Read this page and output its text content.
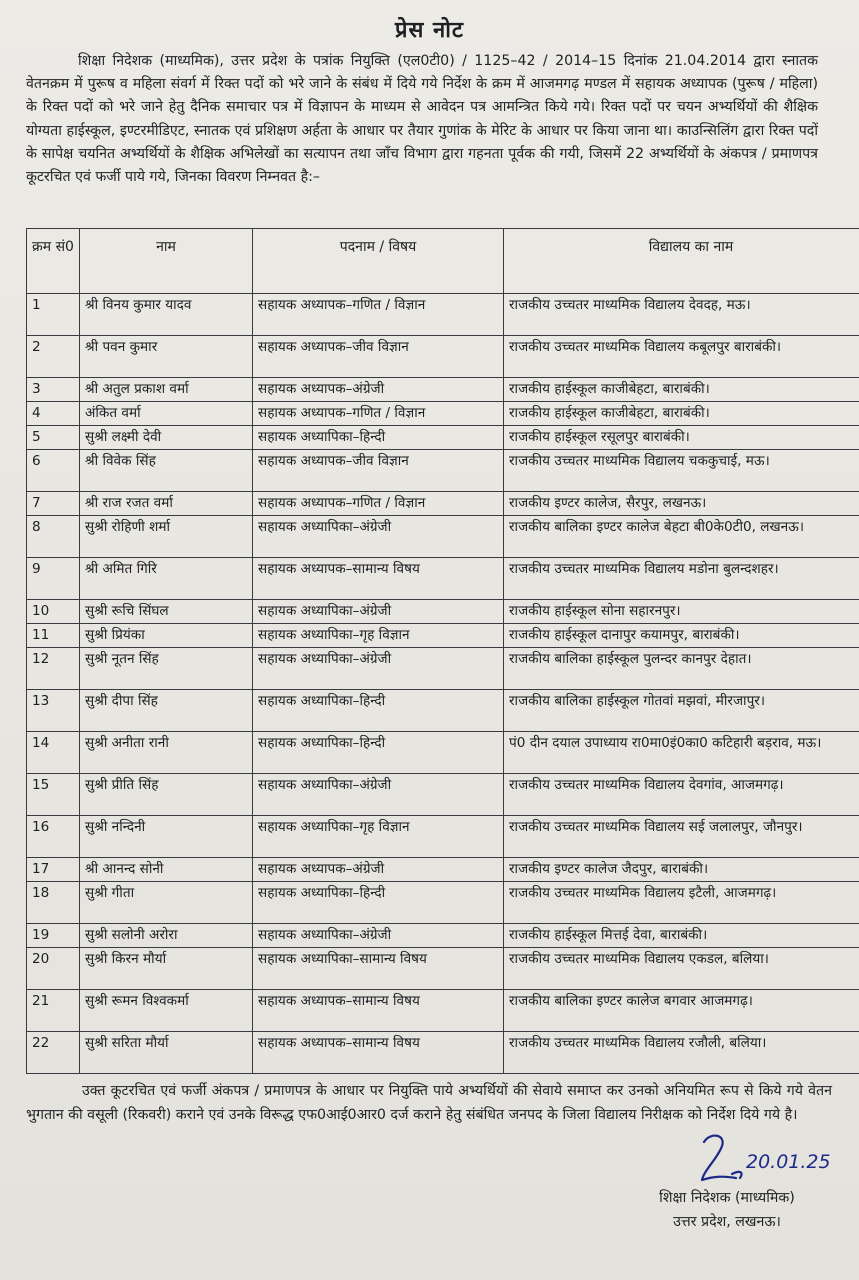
प्रेस नोट
शिक्षा निदेशक (माध्यमिक), उत्तर प्रदेश के पत्रांक नियुक्ति (एल0टी0) / 1125–42 / 2014–15 दिनांक 21.04.2014 द्वारा स्नातक वेतनक्रम में पुरूष व महिला संवर्ग में रिक्त पदों को भरे जाने के संबंध में दिये गये निर्देश के क्रम में आजमगढ़ मण्डल में सहायक अध्यापक (पुरूष / महिला) के रिक्त पदों को भरे जाने हेतु दैनिक समाचार पत्र में विज्ञापन के माध्यम से आवेदन पत्र आमन्त्रित किये गये। रिक्त पदों पर चयन अभ्यर्थियों की शैक्षिक योग्यता हाईस्कूल, इण्टरमीडिएट, स्नातक एवं प्रशिक्षण अर्हता के आधार पर तैयार गुणांक के मेरिट के आधार पर किया जाना था। काउन्सिलिंग द्वारा रिक्त पदों के सापेक्ष चयनित अभ्यर्थियों के शैक्षिक अभिलेखों का सत्यापन तथा जाँच विभाग द्वारा गहनता पूर्वक की गयी, जिसमें 22 अभ्यर्थियों के अंकपत्र / प्रमाणपत्र कूटरचित एवं फर्जी पाये गये, जिनका विवरण निम्नवत है:–
क्रम सं0	नाम	पदनाम / विषय	विद्यालय का नाम
1	श्री विनय कुमार यादव	सहायक अध्यापक–गणित / विज्ञान	राजकीय उच्चतर माध्यमिक विद्यालय देवदह, मऊ।
2	श्री पवन कुमार	सहायक अध्यापक–जीव विज्ञान	राजकीय उच्चतर माध्यमिक विद्यालय कबूलपुर बाराबंकी।
3	श्री अतुल प्रकाश वर्मा	सहायक अध्यापक–अंग्रेजी	राजकीय हाईस्कूल काजीबेहटा, बाराबंकी।
4	अंकित वर्मा	सहायक अध्यापक–गणित / विज्ञान	राजकीय हाईस्कूल काजीबेहटा, बाराबंकी।
5	सुश्री लक्ष्मी देवी	सहायक अध्यापिका–हिन्दी	राजकीय हाईस्कूल रसूलपुर बाराबंकी।
6	श्री विवेक सिंह	सहायक अध्यापक–जीव विज्ञान	राजकीय उच्चतर माध्यमिक विद्यालय चककुचाई, मऊ।
7	श्री राज रजत वर्मा	सहायक अध्यापक–गणित / विज्ञान	राजकीय इण्टर कालेज, सैरपुर, लखनऊ।
8	सुश्री रोहिणी शर्मा	सहायक अध्यापिका–अंग्रेजी	राजकीय बालिका इण्टर कालेज बेहटा बी0के0टी0, लखनऊ।
9	श्री अमित गिरि	सहायक अध्यापक–सामान्य विषय	राजकीय उच्चतर माध्यमिक विद्यालय मडोना बुलन्दशहर।
10	सुश्री रूचि सिंघल	सहायक अध्यापिका–अंग्रेजी	राजकीय हाईस्कूल सोना सहारनपुर।
11	सुश्री प्रियंका	सहायक अध्यापिका–गृह विज्ञान	राजकीय हाईस्कूल दानापुर कयामपुर, बाराबंकी।
12	सुश्री नूतन सिंह	सहायक अध्यापिका–अंग्रेजी	राजकीय बालिका हाईस्कूल पुलन्दर कानपुर देहात।
13	सुश्री दीपा सिंह	सहायक अध्यापिका–हिन्दी	राजकीय बालिका हाईस्कूल गोतवां मझवां, मीरजापुर।
14	सुश्री अनीता रानी	सहायक अध्यापिका–हिन्दी	पं0 दीन दयाल उपाध्याय रा0मा0इं0का0 कटिहारी बड़राव, मऊ।
15	सुश्री प्रीति सिंह	सहायक अध्यापिका–अंग्रेजी	राजकीय उच्चतर माध्यमिक विद्यालय देवगांव, आजमगढ़।
16	सुश्री नन्दिनी	सहायक अध्यापिका–गृह विज्ञान	राजकीय उच्चतर माध्यमिक विद्यालय सई जलालपुर, जौनपुर।
17	श्री आनन्द सोनी	सहायक अध्यापक–अंग्रेजी	राजकीय इण्टर कालेज जैदपुर, बाराबंकी।
18	सुश्री गीता	सहायक अध्यापिका–हिन्दी	राजकीय उच्चतर माध्यमिक विद्यालय इटैली, आजमगढ़।
19	सुश्री सलोनी अरोरा	सहायक अध्यापिका–अंग्रेजी	राजकीय हाईस्कूल मित्तई देवा, बाराबंकी।
20	सुश्री किरन मौर्या	सहायक अध्यापिका–सामान्य विषय	राजकीय उच्चतर माध्यमिक विद्यालय एकडल, बलिया।
21	सुश्री रूमन विश्वकर्मा	सहायक अध्यापक–सामान्य विषय	राजकीय बालिका इण्टर कालेज बगवार आजमगढ़।
22	सुश्री सरिता मौर्या	सहायक अध्यापक–सामान्य विषय	राजकीय उच्चतर माध्यमिक विद्यालय रजौली, बलिया।
उक्त कूटरचित एवं फर्जी अंकपत्र / प्रमाणपत्र के आधार पर नियुक्ति पाये अभ्यर्थियों की सेवाये समाप्त कर उनको अनियमित रूप से किये गये वेतन भुगतान की वसूली (रिकवरी) कराने एवं उनके विरूद्ध एफ0आई0आर0 दर्ज कराने हेतु संबंधित जनपद के जिला विद्यालय निरीक्षक को निर्देश दिये गये है।
20.01.25
शिक्षा निदेशक (माध्यमिक)
उत्तर प्रदेश, लखनऊ।
